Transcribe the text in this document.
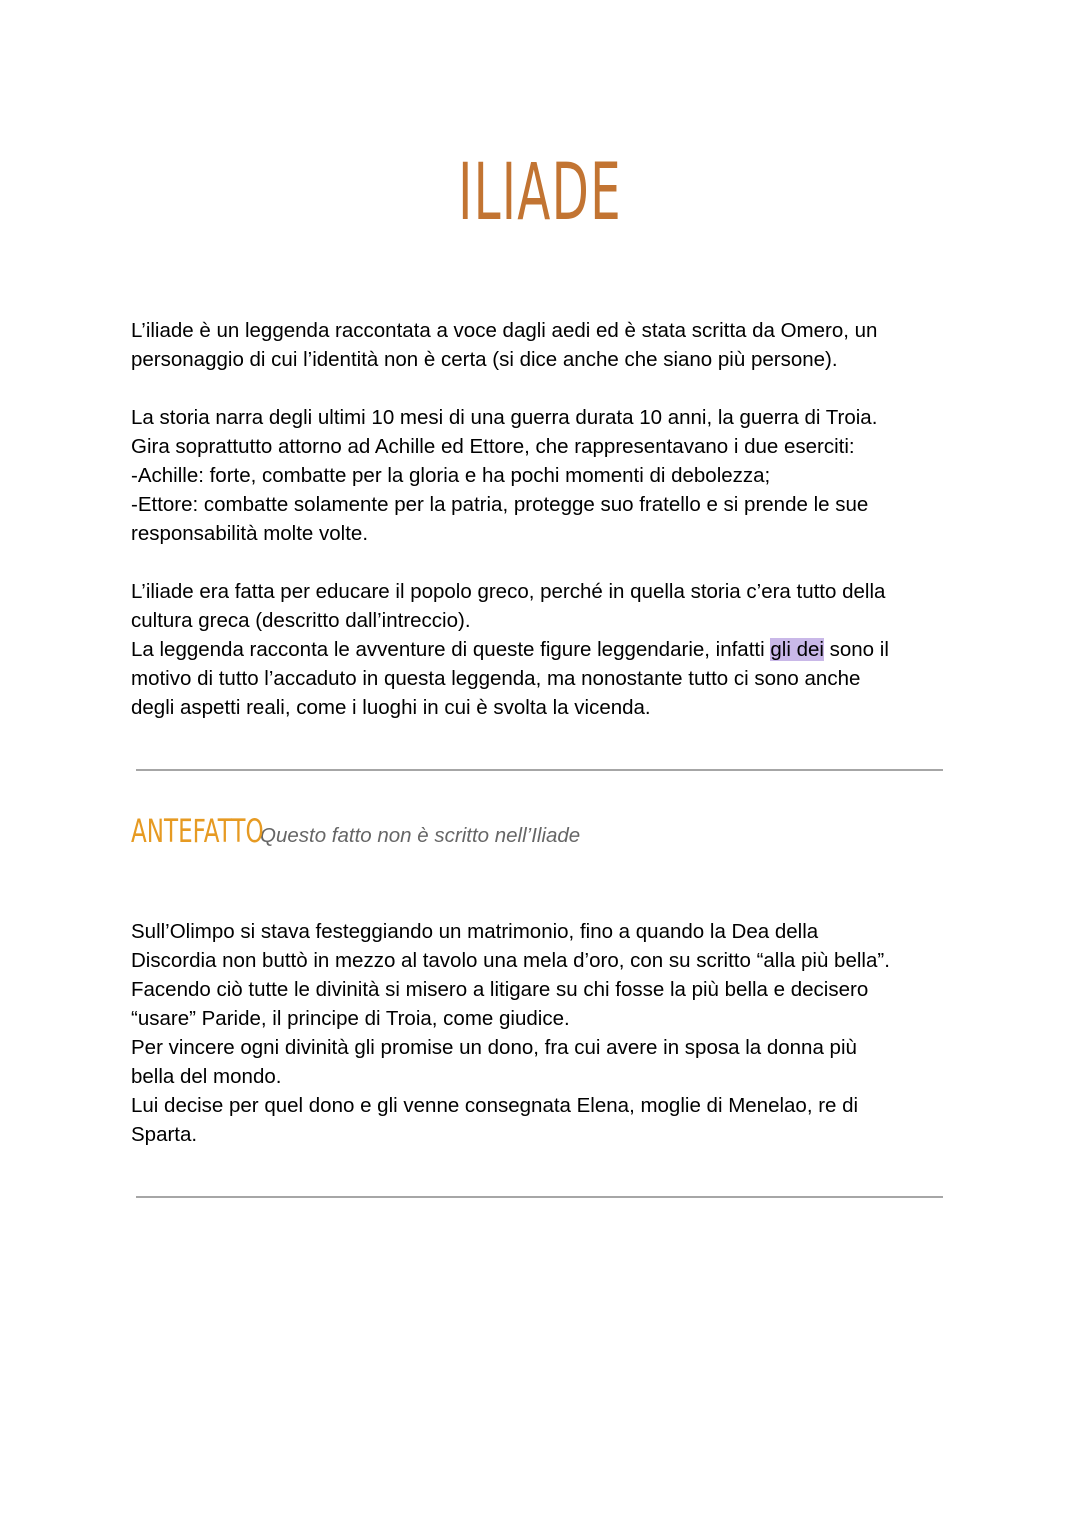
ILIADE

L’iliade è un leggenda raccontata a voce dagli aedi ed è stata scritta da Omero, un

personaggio di cui l’identità non è certa (si dice anche che siano più persone).

La storia narra degli ultimi 10 mesi di una guerra durata 10 anni, la guerra di Troia.

Gira soprattutto attorno ad Achille ed Ettore, che rappresentavano i due eserciti:

-Achille: forte, combatte per la gloria e ha pochi momenti di debolezza;

-Ettore: combatte solamente per la patria, protegge suo fratello e si prende le sue

responsabilità molte volte.

L’iliade era fatta per educare il popolo greco, perché in quella storia c’era tutto della

cultura greca (descritto dall’intreccio).

La leggenda racconta le avventure di queste figure leggendarie, infatti gli dei sono il

motivo di tutto l’accaduto in questa leggenda, ma nonostante tutto ci sono anche

degli aspetti reali, come i luoghi in cui è svolta la vicenda.

ANTEFATTO
Questo fatto non è scritto nell’Iliade

Sull’Olimpo si stava festeggiando un matrimonio, fino a quando la Dea della

Discordia non buttò in mezzo al tavolo una mela d’oro, con su scritto “alla più bella”.

Facendo ciò tutte le divinità si misero a litigare su chi fosse la più bella e decisero

“usare” Paride, il principe di Troia, come giudice.

Per vincere ogni divinità gli promise un dono, fra cui avere in sposa la donna più

bella del mondo.

Lui decise per quel dono e gli venne consegnata Elena, moglie di Menelao, re di

Sparta.
